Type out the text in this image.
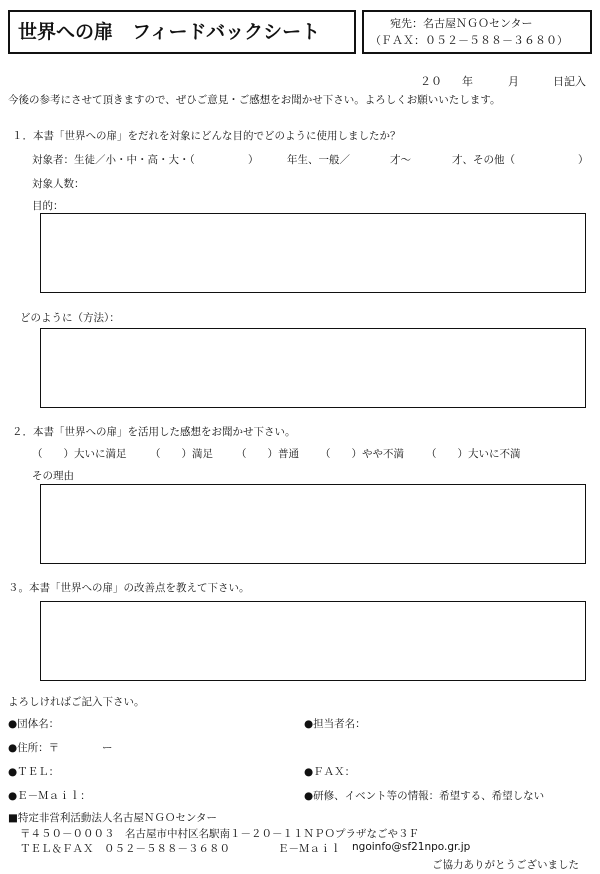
世界への扉　フィードバックシート	宛先：名古屋ＮＧＯセンター
（ＦＡＸ：０５２－５８８－３６８０）
２０ 年	月	日記入
今後の参考にさせて頂きますので、ぜひご意見・ご感想をお聞かせ下さい。よろしくお願いいたします。
１．本書「世界への扉」をだれを対象にどんな目的でどのように使用しましたか？
対象者：生徒／小・中・高・大・（	）	年生、一般／	才～	才、その他（	）
対象人数：
目的：
どのように（方法）：
２．本書「世界への扉」を活用した感想をお聞かせ下さい。
（　　）大いに満足 （　　）満足 （　　）普通 （　　）やや不満 （　　）大いに不満
その理由
３。本書「世界への扉」の改善点を教えて下さい。
よろしければご記入下さい。
●団体名：	●担当者名：
●住所：〒	ー
●ＴＥＬ：	●ＦＡＸ：
●Ｅ－Ｍａｉｌ：	●研修、イベント等の情報：希望する、希望しない
■特定非営利活動法人名古屋ＮＧＯセンター
〒４５０－０００３　名古屋市中村区名駅南１－２０－１１ＮＰＯプラザなごや３Ｆ
ＴＥＬ＆ＦＡＸ　０５２－５８８－３６８０	Ｅ－Ｍａｉｌ ngoinfo@sf21npo.gr.jp
ご協力ありがとうございました
